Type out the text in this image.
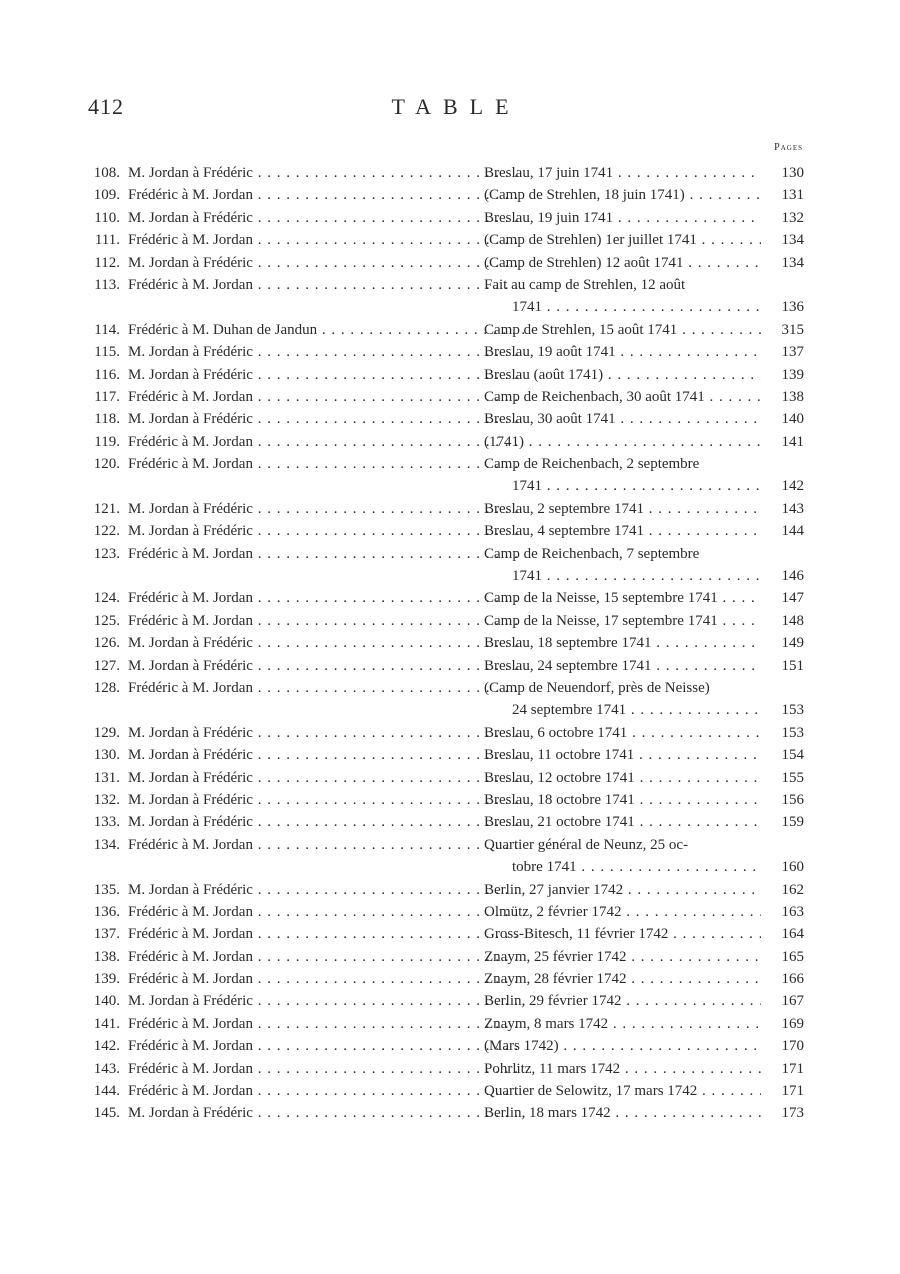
412	TABLE
Pages
108. M. Jordan à Frédéric . . .	Breslau, 17 juin 1741 . . .	130
109. Frédéric à M. Jordan . . .	(Camp de Strehlen, 18 juin 1741) . . .	131
110. M. Jordan à Frédéric . . .	Breslau, 19 juin 1741 . . .	132
111. Frédéric à M. Jordan . . .	(Camp de Strehlen) 1er juillet 1741 . . .	134
112. M. Jordan à Frédéric . . .	(Camp de Strehlen) 12 août 1741 . . .	134
113. Frédéric à M. Jordan . . .	Fait au camp de Strehlen, 12 août
1741 . . .	136
114. Frédéric à M. Duhan de Jandun . . .	Camp de Strehlen, 15 août 1741 . . .	315
115. M. Jordan à Frédéric . . .	Breslau, 19 août 1741 . . .	137
116. M. Jordan à Frédéric . . .	Breslau (août 1741) . . .	139
117. Frédéric à M. Jordan . . .	Camp de Reichenbach, 30 août 1741 . . .	138
118. M. Jordan à Frédéric . . .	Breslau, 30 août 1741 . . .	140
119. Frédéric à M. Jordan . . .	(1741) . . .	141
120. Frédéric à M. Jordan . . .	Camp de Reichenbach, 2 septembre
1741 . . .	142
121. M. Jordan à Frédéric . . .	Breslau, 2 septembre 1741 . . .	143
122. M. Jordan à Frédéric . . .	Breslau, 4 septembre 1741 . . .	144
123. Frédéric à M. Jordan . . .	Camp de Reichenbach, 7 septembre
1741 . . .	146
124. Frédéric à M. Jordan . . .	Camp de la Neisse, 15 septembre 1741 . . .	147
125. Frédéric à M. Jordan . . .	Camp de la Neisse, 17 septembre 1741 . . .	148
126. M. Jordan à Frédéric . . .	Breslau, 18 septembre 1741 . . .	149
127. M. Jordan à Frédéric . . .	Breslau, 24 septembre 1741 . . .	151
128. Frédéric à M. Jordan . . .	(Camp de Neuendorf, près de Neisse)
24 septembre 1741 . . .	153
129. M. Jordan à Frédéric . . .	Breslau, 6 octobre 1741 . . .	153
130. M. Jordan à Frédéric . . .	Breslau, 11 octobre 1741 . . .	154
131. M. Jordan à Frédéric . . .	Breslau, 12 octobre 1741 . . .	155
132. M. Jordan à Frédéric . . .	Breslau, 18 octobre 1741 . . .	156
133. M. Jordan à Frédéric . . .	Breslau, 21 octobre 1741 . . .	159
134. Frédéric à M. Jordan . . .	Quartier général de Neunz, 25 oc-
tobre 1741 . . .	160
135. M. Jordan à Frédéric . . .	Berlin, 27 janvier 1742 . . .	162
136. Frédéric à M. Jordan . . .	Olmütz, 2 février 1742 . . .	163
137. Frédéric à M. Jordan . . .	Gross-Bitesch, 11 février 1742 . . .	164
138. Frédéric à M. Jordan . . .	Znaym, 25 février 1742 . . .	165
139. Frédéric à M. Jordan . . .	Znaym, 28 février 1742 . . .	166
140. M. Jordan à Frédéric . . .	Berlin, 29 février 1742 . . .	167
141. Frédéric à M. Jordan . . .	Znaym, 8 mars 1742 . . .	169
142. Frédéric à M. Jordan . . .	(Mars 1742) . . .	170
143. Frédéric à M. Jordan . . .	Pohrlitz, 11 mars 1742 . . .	171
144. Frédéric à M. Jordan . . .	Quartier de Selowitz, 17 mars 1742 . . .	171
145. M. Jordan à Frédéric . . .	Berlin, 18 mars 1742 . . .	173
